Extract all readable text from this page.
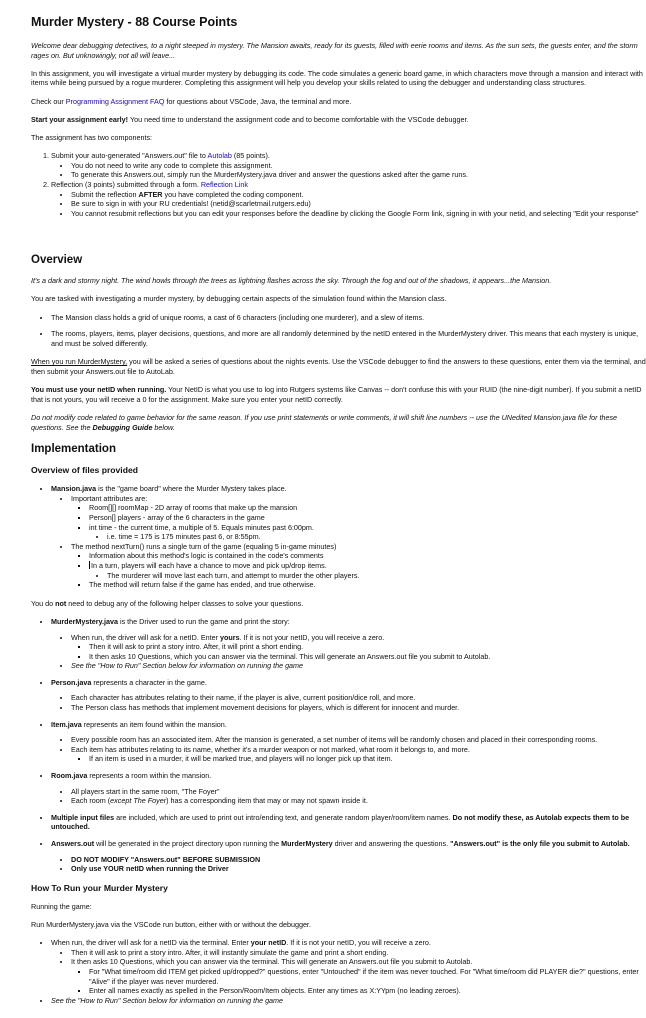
Murder Mystery - 88 Course Points

Welcome dear debugging detectives, to a night steeped in mystery. The Mansion awaits, ready for its guests, filled with eerie rooms and items. As the sun sets, the guests enter, and the storm rages on. But unknowingly, not all will leave...

In this assignment, you will investigate a virtual murder mystery by debugging its code. The code simulates a generic board game, in which characters move through a mansion and interact with items while being pursued by a rogue murderer. Completing this assignment will help you develop your skills related to using the debugger and understanding class structures.

Check our Programming Assignment FAQ for questions about VSCode, Java, the terminal and more.

Start your assignment early! You need time to understand the assignment code and to become comfortable with the VSCode debugger.

The assignment has two components:

1. Submit your auto-generated "Answers.out" file to Autolab (85 points).
• You do not need to write any code to complete this assignment.
• To generate this Answers.out, simply run the MurderMystery.java driver and answer the questions asked after the game runs.
2. Reflection (3 points) submitted through a form. Reflection Link
• Submit the reflection AFTER you have completed the coding component.
• Be sure to sign in with your RU credentials! (netid@scarletmail.rutgers.edu)
• You cannot resubmit reflections but you can edit your responses before the deadline by clicking the Google Form link, signing in with your netid, and selecting "Edit your response"
Overview

It's a dark and stormy night. The wind howls through the trees as lightning flashes across the sky. Through the fog and out of the shadows, it appears...the Mansion.

You are tasked with investigating a murder mystery, by debugging certain aspects of the simulation found within the Mansion class.

• The Mansion class holds a grid of unique rooms, a cast of 6 characters (including one murderer), and a slew of items.
• The rooms, players, items, player decisions, questions, and more are all randomly determined by the netID entered in the MurderMystery driver. This means that each mystery is unique, and must be solved differently.

When you run MurderMystery, you will be asked a series of questions about the nights events. Use the VSCode debugger to find the answers to these questions, enter them via the terminal, and then submit your Answers.out file to AutoLab.

You must use your netID when running. Your NetID is what you use to log into Rutgers systems like Canvas -- don't confuse this with your RUID (the nine-digit number). If you submit a netID that is not yours, you will receive a 0 for the assignment. Make sure you enter your netID correctly.

Do not modify code related to game behavior for the same reason. If you use print statements or write comments, it will shift line numbers -- use the UNedited Mansion.java file for these questions. See the Debugging Guide below.

Implementation
Overview of files provided
• Mansion.java is the "game board" where the Murder Mystery takes place.
• Important attributes are:
▪ Room[][] roomMap - 2D array of rooms that make up the mansion
▪ Person[] players - array of the 6 characters in the game
▪ int time - the current time, a multiple of 5. Equals minutes past 6:00pm.
• i.e. time = 175 is 175 minutes past 6, or 8:55pm.
• The method nextTurn() runs a single turn of the game (equaling 5 in-game minutes)
▪ Information about this method's logic is contained in the code's comments
▪ In a turn, players will each have a chance to move and pick up/drop items.
• The murderer will move last each turn, and attempt to murder the other players.
▪ The method will return false if the game has ended, and true otherwise.

You do not need to debug any of the following helper classes to solve your questions.

• MurderMystery.java is the Driver used to run the game and print the story:
• When run, the driver will ask for a netID. Enter yours. If it is not your netID, you will receive a zero.
▪ Then it will ask to print a story intro. After, it will print a short ending.
▪ It then asks 10 Questions, which you can answer via the terminal. This will generate an Answers.out file you submit to Autolab.
• See the "How to Run" Section below for information on running the game
• Person.java represents a character in the game.
• Each character has attributes relating to their name, if the player is alive, current position/dice roll, and more.
• The Person class has methods that implement movement decisions for players, which is different for innocent and murder.
• Item.java represents an item found within the mansion.
• Every possible room has an associated item. After the mansion is generated, a set number of items will be randomly chosen and placed in their corresponding rooms.
• Each item has attributes relating to its name, whether it's a murder weapon or not marked, what room it belongs to, and more.
▪ If an item is used in a murder, it will be marked true, and players will no longer pick up that item.
• Room.java represents a room within the mansion.
• All players start in the same room, "The Foyer"
• Each room (except The Foyer) has a corresponding item that may or may not spawn inside it.
• Multiple input files are included, which are used to print out intro/ending text, and generate random player/room/item names. Do not modify these, as Autolab expects them to be untouched.
• Answers.out will be generated in the project directory upon running the MurderMystery driver and answering the questions. "Answers.out" is the only file you submit to Autolab.
• DO NOT MODIFY "Answers.out" BEFORE SUBMISSION
• Only use YOUR netID when running the Driver
How To Run your Murder Mystery

Running the game:

Run MurderMystery.java via the VSCode run button, either with or without the debugger.

• When run, the driver will ask for a netID via the terminal. Enter your netID. If it is not your netID, you will receive a zero.
• Then it will ask to print a story intro. After, it will instantly simulate the game and print a short ending.
• It then asks 10 Questions, which you can answer via the terminal. This will generate an Answers.out file you submit to Autolab.
▪ For "What time/room did ITEM get picked up/dropped?" questions, enter "Untouched" if the item was never touched. For "What time/room did PLAYER die?" questions, enter "Alive" if the player was never murdered.
▪ Enter all names exactly as spelled in the Person/Room/Item objects. Enter any times as X:YYpm (no leading zeroes).
• See the "How to Run" Section below for information on running the game
